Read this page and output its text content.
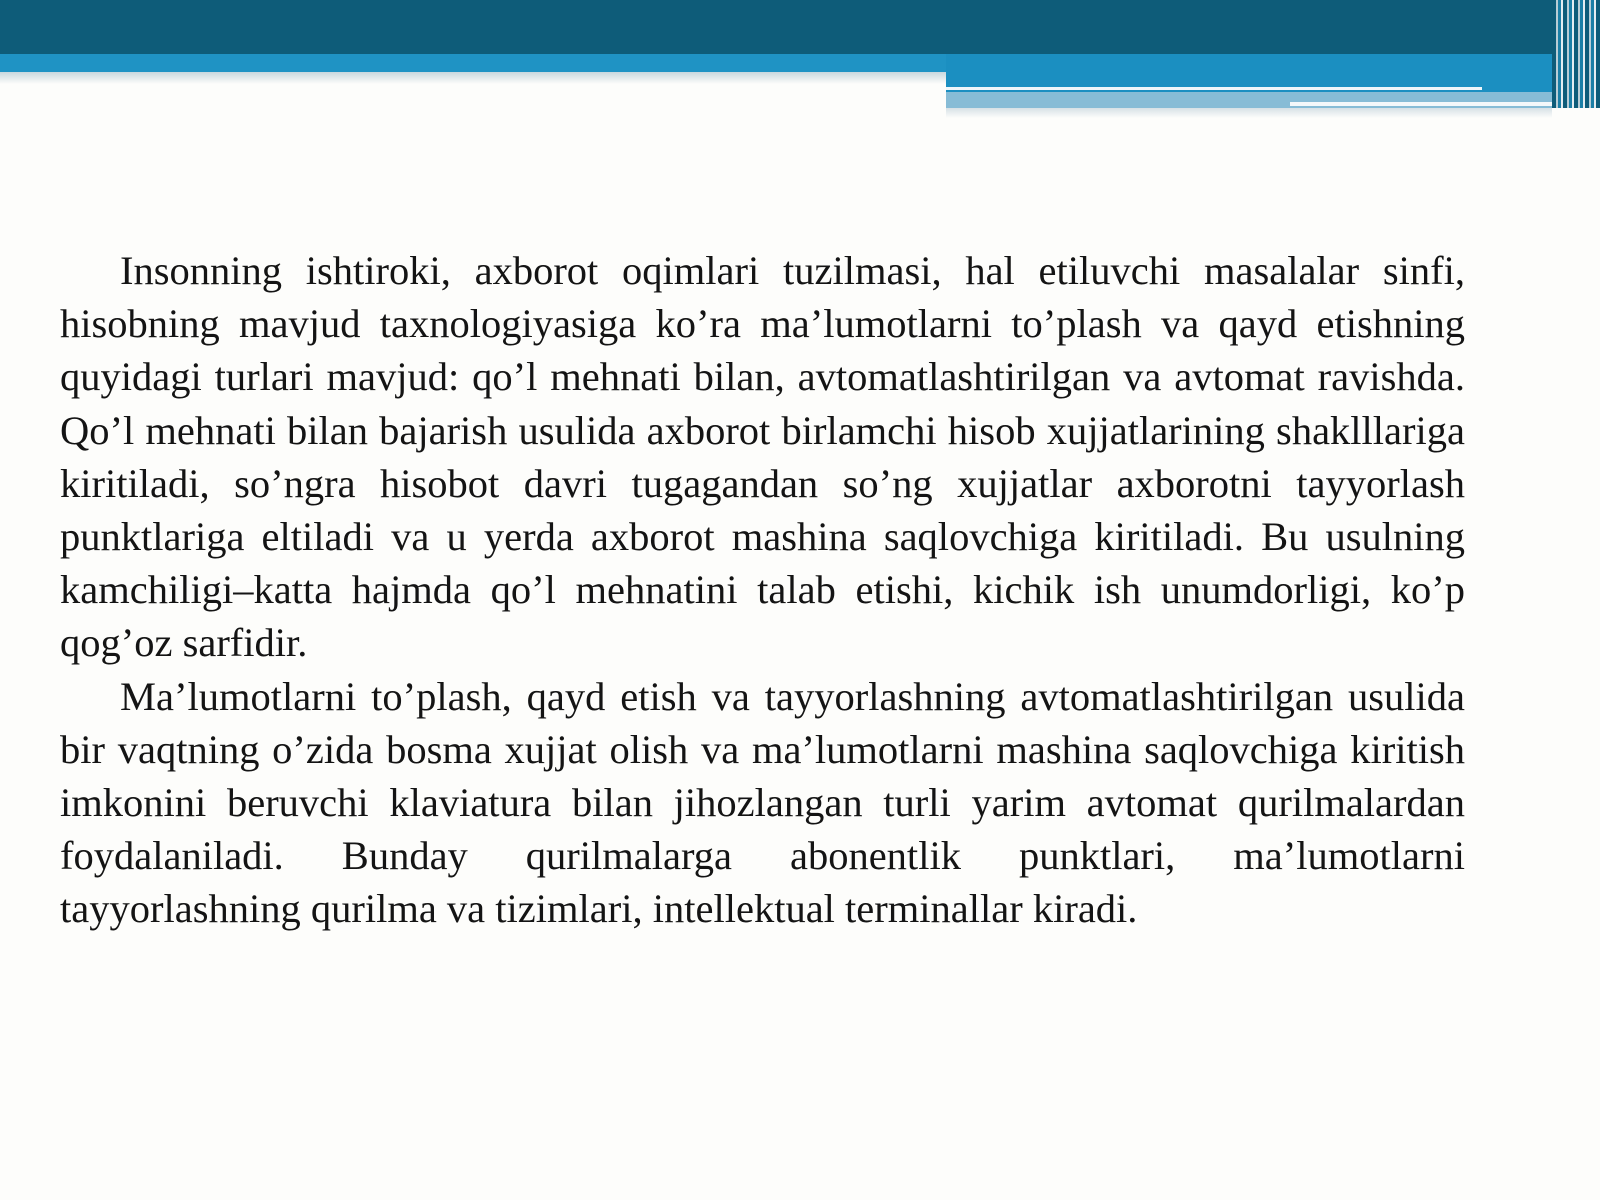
Insonning ishtiroki, axborot oqimlari tuzilmasi, hal etiluvchi masalalar sinfi, hisobning mavjud taxnologiyasiga ko’ra ma’lumotlarni to’plash va qayd etishning quyidagi turlari mavjud: qo’l mehnati bilan, avtomatlashtirilgan va avtomat ravishda. Qo’l mehnati bilan bajarish usulida axborot birlamchi hisob xujjatlarining shaklllariga kiritiladi, so’ngra hisobot davri tugagandan so’ng xujjatlar axborotni tayyorlash punktlariga eltiladi va u yerda axborot mashina saqlovchiga kiritiladi. Bu usulning kamchiligi–katta hajmda qo’l mehnatini talab etishi, kichik ish unumdorligi, ko’p qog’oz sarfidir.

Ma’lumotlarni to’plash, qayd etish va tayyorlashning avtomatlashtirilgan usulida bir vaqtning o’zida bosma xujjat olish va ma’lumotlarni mashina saqlovchiga kiritish imkonini beruvchi klaviatura bilan jihozlangan turli yarim avtomat qurilmalardan foydalaniladi. Bunday qurilmalarga abonentlik punktlari, ma’lumotlarni tayyorlashning qurilma va tizimlari, intellektual terminallar kiradi.
